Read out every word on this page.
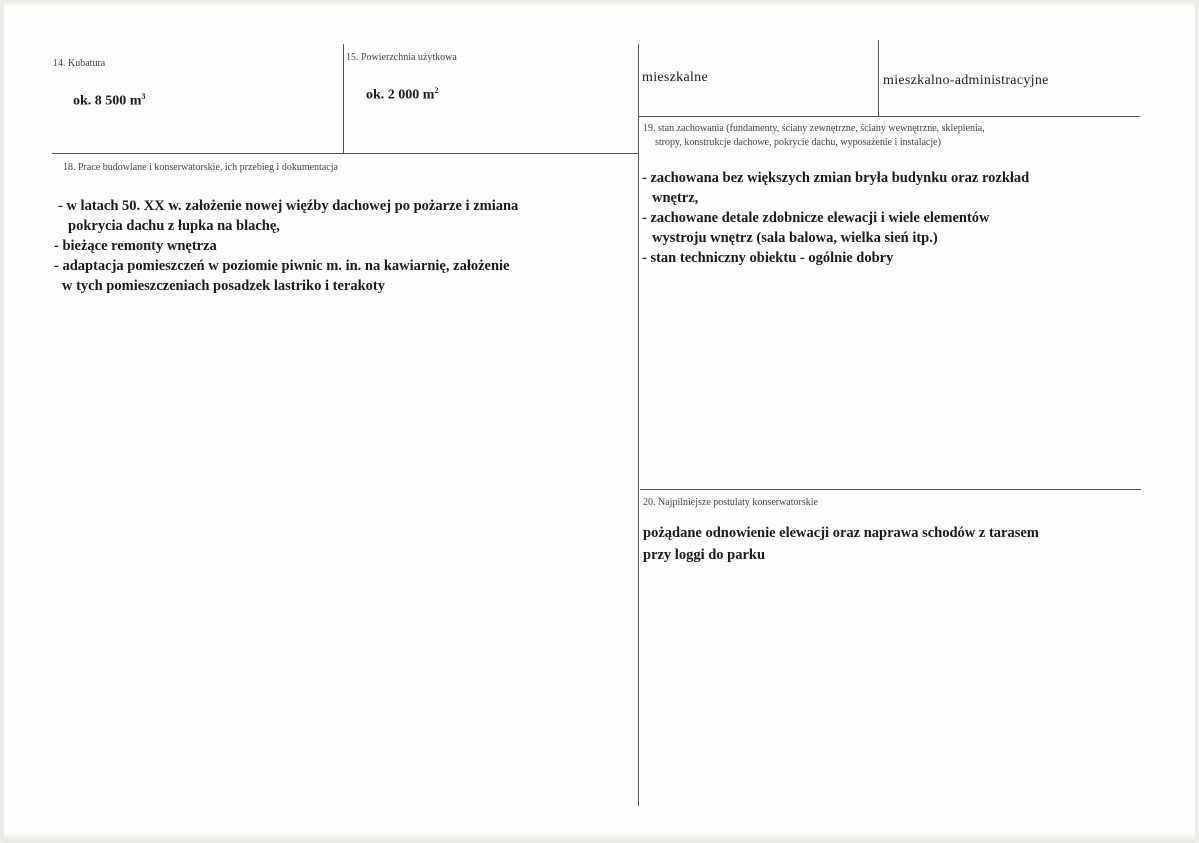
14. Kubatura
ok. 8 500 $m^3$
15. Powierzchnia użytkowa
ok. 2 000 $m^2$
mieszkalne	mieszkalno-administracyjne
18. Prace budowlane i konserwatorskie, ich przebieg i dokumentacja
- w latach 50. XX w. założenie nowej więźby dachowej po pożarze i zmiana
pokrycia dachu z łupka na blachę,
- bieżące remonty wnętrza
- adaptacja pomieszczeń w poziomie piwnic m. in. na kawiarnię, założenie
w tych pomieszczeniach posadzek lastriko i terakoty
19. stan zachowania (fundamenty, ściany zewnętrzne, ściany wewnętrzne, sklepienia,
stropy, konstrukcje dachowe, pokrycie dachu, wyposażenie i instalacje)
- zachowana bez większych zmian bryła budynku oraz rozkład
wnętrz,
- zachowane detale zdobnicze elewacji i wiele elementów
wystroju wnętrz (sala balowa, wielka sień itp.)
- stan techniczny obiektu - ogólnie dobry
20. Najpilniejsze postulaty konserwatorskie
pożądane odnowienie elewacji oraz naprawa schodów z tarasem
przy loggi do parku
